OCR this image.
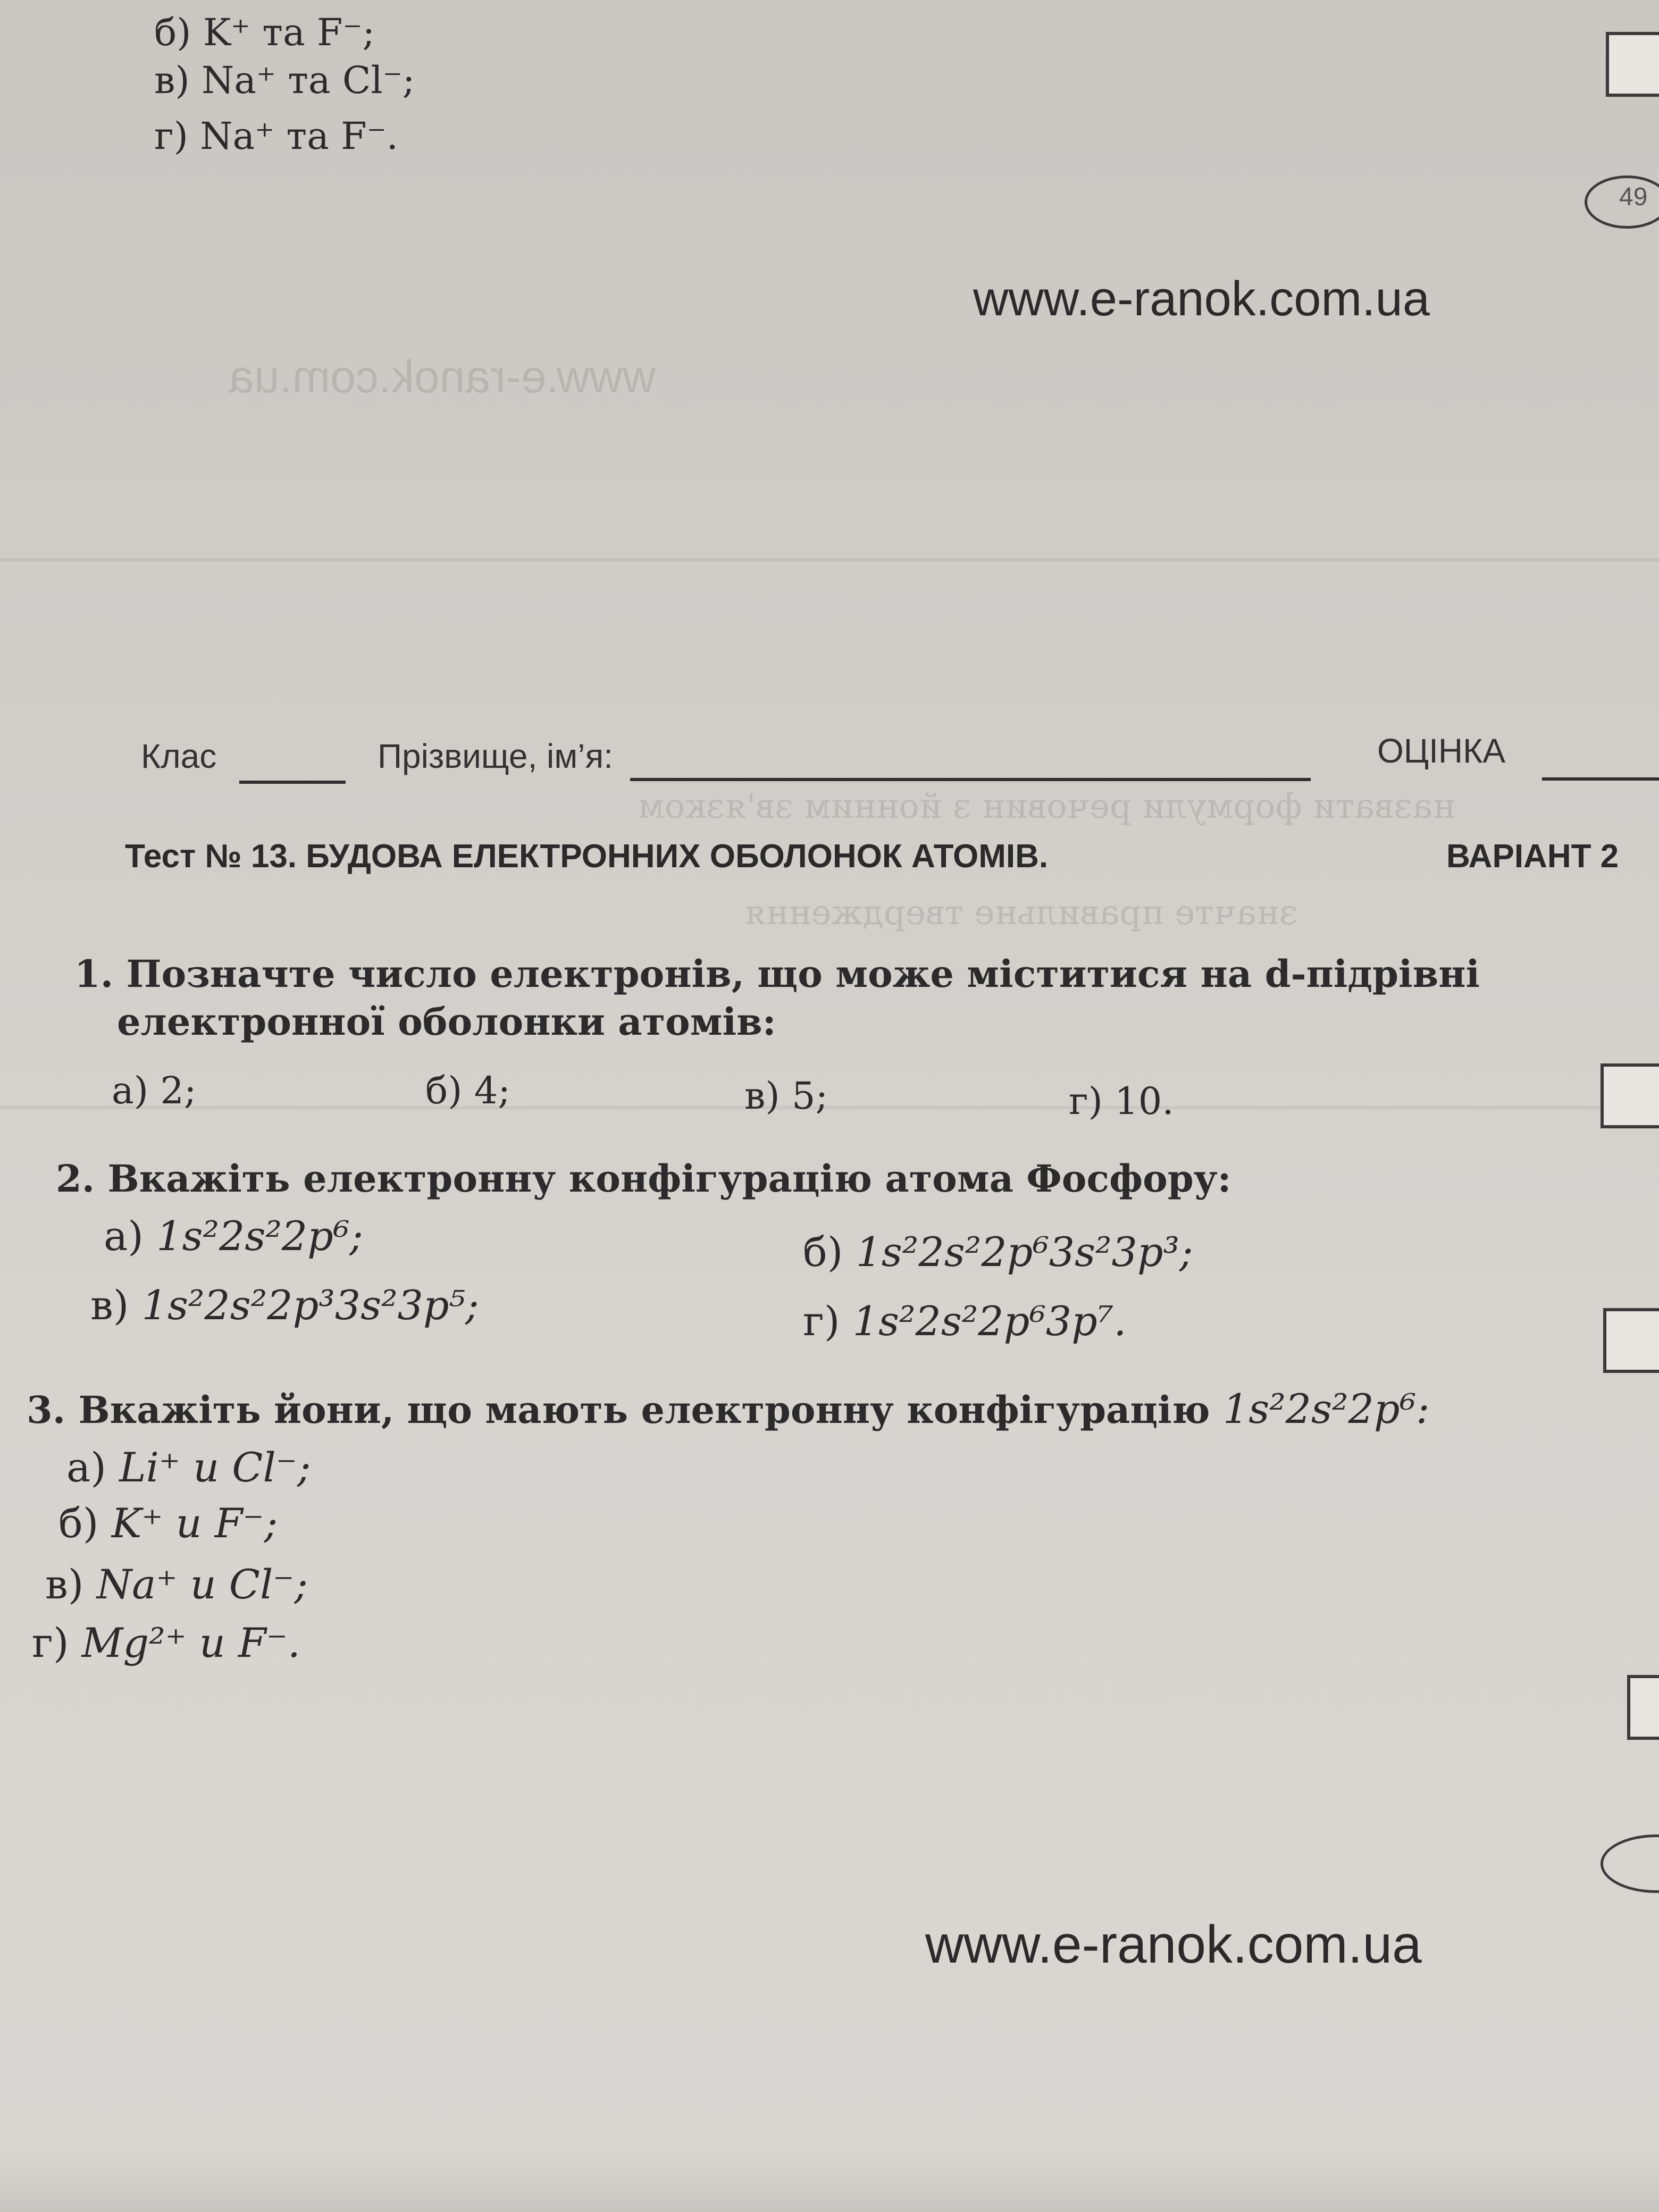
www.e-ranok.com.ua
назвати формули речовин з йонним зв'язком
значте правильне твердження
б) K⁺ та F⁻;
в) Na⁺ та Cl⁻;
г) Na⁺ та F⁻.
49
www.e-ranok.com.ua
Клас	Прізвище, ім’я:	ОЦІНКА
Тест № 13. БУДОВА ЕЛЕКТРОННИХ ОБОЛОНОК АТОМІВ.	ВАРІАНТ 2
1. Позначте число електронів, що може міститися на d-підрівні
електронної оболонки атомів:
а) 2;	б) 4;	в) 5;	г) 10.
2. Вкажіть електронну конфігурацію атома Фосфору:
а) 1s²2s²2p⁶;	б) 1s²2s²2p⁶3s²3p³;
в) 1s²2s²2p³3s²3p⁵;	г) 1s²2s²2p⁶3p⁷.
3. Вкажіть йони, що мають електронну конфігурацію 1s²2s²2p⁶:
а) Li⁺ и Cl⁻;
б) K⁺ и F⁻;
в) Na⁺ и Cl⁻;
г) Mg²⁺ и F⁻.
www.e-ranok.com.ua
